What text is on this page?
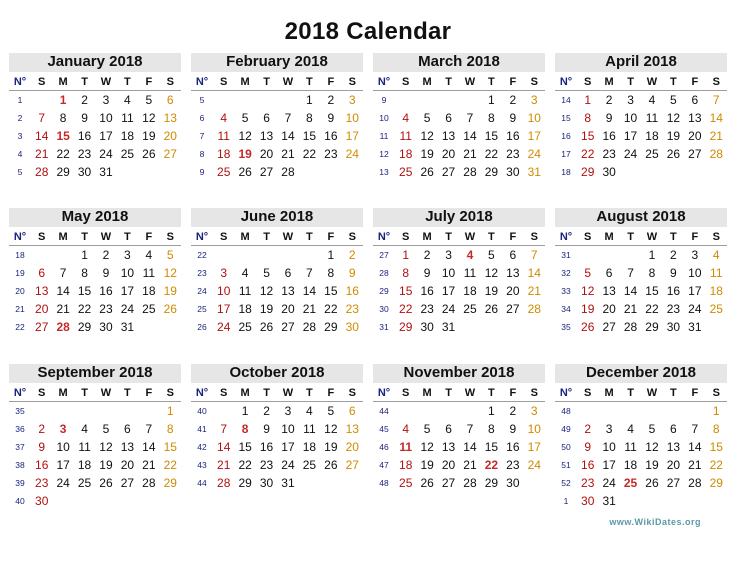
2018 Calendar
January 2018
N°	S	M	T	W	T	F	S
1		1	2	3	4	5	6
2	7	8	9	10	11	12	13
3	14	15	16	17	18	19	20
4	21	22	23	24	25	26	27
5	28	29	30	31			
February 2018
N°	S	M	T	W	T	F	S
5					1	2	3
6	4	5	6	7	8	9	10
7	11	12	13	14	15	16	17
8	18	19	20	21	22	23	24
9	25	26	27	28			
March 2018
N°	S	M	T	W	T	F	S
9					1	2	3
10	4	5	6	7	8	9	10
11	11	12	13	14	15	16	17
12	18	19	20	21	22	23	24
13	25	26	27	28	29	30	31
April 2018
N°	S	M	T	W	T	F	S
14	1	2	3	4	5	6	7
15	8	9	10	11	12	13	14
16	15	16	17	18	19	20	21
17	22	23	24	25	26	27	28
18	29	30					
May 2018
N°	S	M	T	W	T	F	S
18			1	2	3	4	5
19	6	7	8	9	10	11	12
20	13	14	15	16	17	18	19
21	20	21	22	23	24	25	26
22	27	28	29	30	31		
June 2018
N°	S	M	T	W	T	F	S
22						1	2
23	3	4	5	6	7	8	9
24	10	11	12	13	14	15	16
25	17	18	19	20	21	22	23
26	24	25	26	27	28	29	30
July 2018
N°	S	M	T	W	T	F	S
27	1	2	3	4	5	6	7
28	8	9	10	11	12	13	14
29	15	16	17	18	19	20	21
30	22	23	24	25	26	27	28
31	29	30	31				
August 2018
N°	S	M	T	W	T	F	S
31				1	2	3	4
32	5	6	7	8	9	10	11
33	12	13	14	15	16	17	18
34	19	20	21	22	23	24	25
35	26	27	28	29	30	31	
September 2018
N°	S	M	T	W	T	F	S
35							1
36	2	3	4	5	6	7	8
37	9	10	11	12	13	14	15
38	16	17	18	19	20	21	22
39	23	24	25	26	27	28	29
40	30						
October 2018
N°	S	M	T	W	T	F	S
40		1	2	3	4	5	6
41	7	8	9	10	11	12	13
42	14	15	16	17	18	19	20
43	21	22	23	24	25	26	27
44	28	29	30	31			
November 2018
N°	S	M	T	W	T	F	S
44					1	2	3
45	4	5	6	7	8	9	10
46	11	12	13	14	15	16	17
47	18	19	20	21	22	23	24
48	25	26	27	28	29	30	
December 2018
N°	S	M	T	W	T	F	S
48							1
49	2	3	4	5	6	7	8
50	9	10	11	12	13	14	15
51	16	17	18	19	20	21	22
52	23	24	25	26	27	28	29
1	30	31					
www.WikiDates.org
